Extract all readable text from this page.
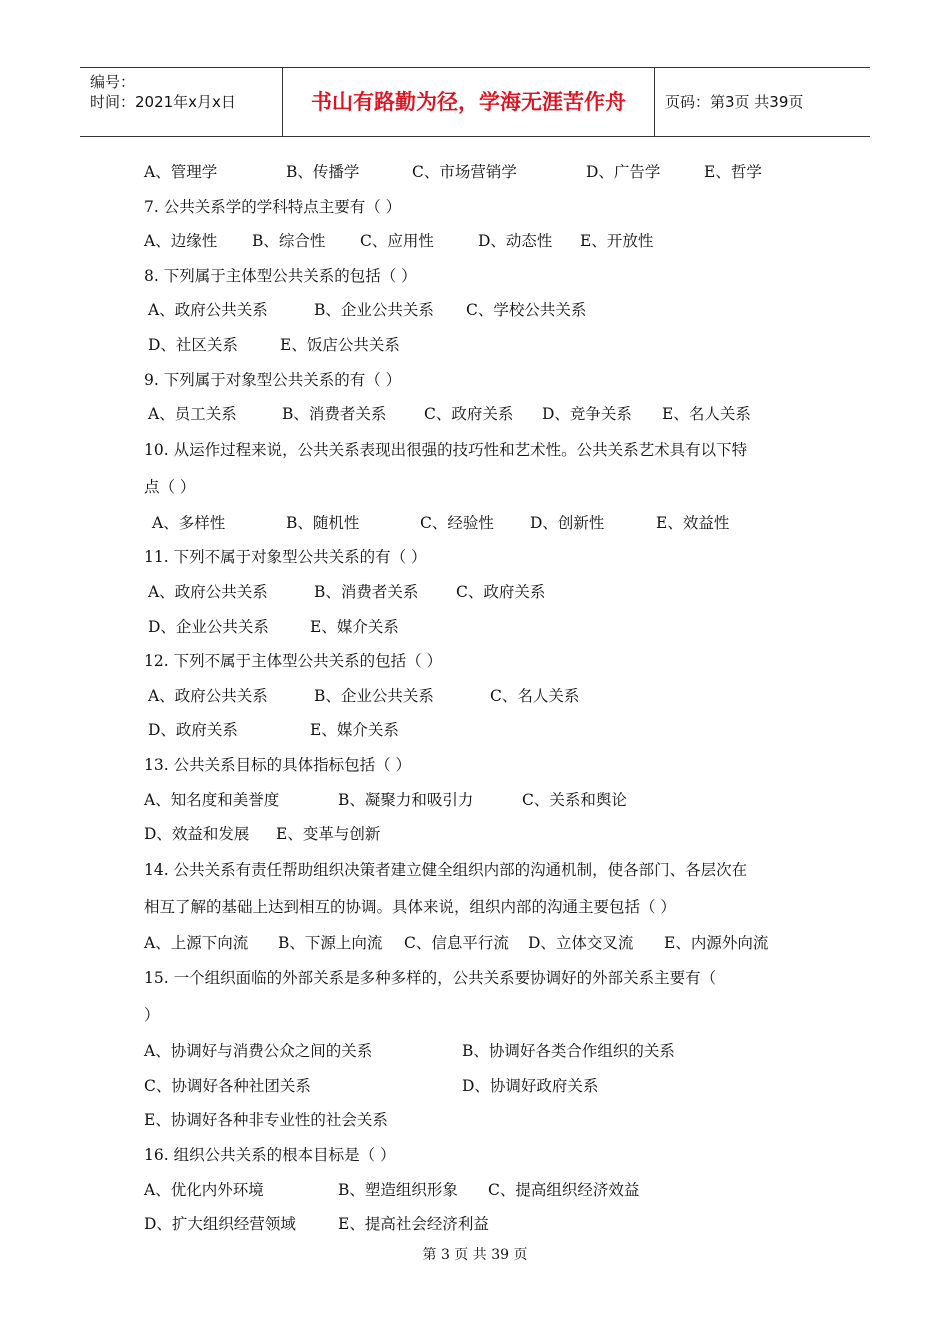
编号：
时间：2021年x月x日	书山有路勤为径，学海无涯苦作舟	页码：第3页 共39页
A、管理学	B、传播学	C、市场营销学	D、广告学	E、哲学
7. 公共关系学的学科特点主要有（ ）
A、边缘性 B、综合性 C、应用性	D、动态性 E、开放性
8. 下列属于主体型公共关系的包括（ ）
A、政府公共关系	B、企业公共关系 C、学校公共关系
D、社区关系	E、饭店公共关系
9. 下列属于对象型公共关系的有（ ）
A、员工关系	B、消费者关系 C、政府关系 D、竞争关系 E、名人关系
10. 从运作过程来说，公共关系表现出很强的技巧性和艺术性。公共关系艺术具有以下特
点（ ）
A、多样性	B、随机性	C、经验性 D、创新性	E、效益性
11. 下列不属于对象型公共关系的有（ ）
A、政府公共关系	B、消费者关系 C、政府关系
D、企业公共关系	E、媒介关系
12. 下列不属于主体型公共关系的包括（ ）
A、政府公共关系	B、企业公共关系	C、名人关系
D、政府关系	E、媒介关系
13. 公共关系目标的具体指标包括（ ）
A、知名度和美誉度	B、凝聚力和吸引力	C、关系和舆论
D、效益和发展 E、变革与创新
14. 公共关系有责任帮助组织决策者建立健全组织内部的沟通机制，使各部门、各层次在
相互了解的基础上达到相互的协调。具体来说，组织内部的沟通主要包括（ ）
A、上源下向流 B、下源上向流 C、信息平行流 D、立体交叉流 E、内源外向流
15. 一个组织面临的外部关系是多种多样的，公共关系要协调好的外部关系主要有（
）
A、协调好与消费公众之间的关系	B、协调好各类合作组织的关系
C、协调好各种社团关系	D、协调好政府关系
E、协调好各种非专业性的社会关系
16. 组织公共关系的根本目标是（ ）
A、优化内外环境	B、塑造组织形象 C、提高组织经济效益
D、扩大组织经营领域	E、提高社会经济利益
第 3 页 共 39 页
